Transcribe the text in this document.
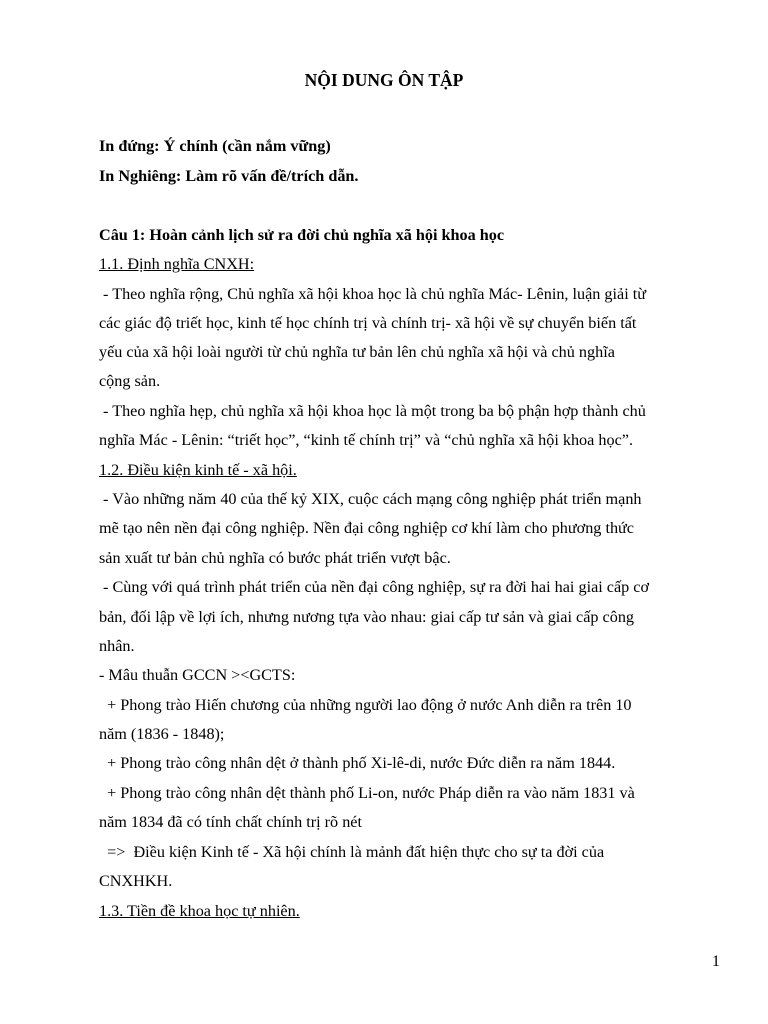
NỘI DUNG ÔN TẬP
In đứng: Ý chính (cần nắm vững)
In Nghiêng: Làm rõ vấn đề/trích dẫn.
Câu 1: Hoàn cảnh lịch sử ra đời chủ nghĩa xã hội khoa học
1.1. Định nghĩa CNXH:
- Theo nghĩa rộng, Chủ nghĩa xã hội khoa học là chủ nghĩa Mác- Lênin, luận giải từ
các giác độ triết học, kinh tế học chính trị và chính trị- xã hội về sự chuyển biến tất
yếu của xã hội loài người từ chủ nghĩa tư bản lên chủ nghĩa xã hội và chủ nghĩa
cộng sản.
- Theo nghĩa hẹp, chủ nghĩa xã hội khoa học là một trong ba bộ phận hợp thành chủ
nghĩa Mác - Lênin: “triết học”, “kinh tế chính trị” và “chủ nghĩa xã hội khoa học”.
1.2. Điều kiện kinh tế - xã hội.
- Vào những năm 40 của thế kỷ XIX, cuộc cách mạng công nghiệp phát triển mạnh
mẽ tạo nên nền đại công nghiệp. Nền đại công nghiệp cơ khí làm cho phương thức
sản xuất tư bản chủ nghĩa có bước phát triển vượt bậc.
- Cùng với quá trình phát triển của nền đại công nghiệp, sự ra đời hai hai giai cấp cơ
bản, đối lập về lợi ích, nhưng nương tựa vào nhau: giai cấp tư sản và giai cấp công
nhân.
- Mâu thuẫn GCCN ><GCTS:
+ Phong trào Hiến chương của những người lao động ở nước Anh diễn ra trên 10
năm (1836 - 1848);
+ Phong trào công nhân dệt ở thành phố Xi-lê-di, nước Đức diễn ra năm 1844.
+ Phong trào công nhân dệt thành phố Li-on, nước Pháp diễn ra vào năm 1831 và
năm 1834 đã có tính chất chính trị rõ nét
=>  Điều kiện Kinh tế - Xã hội chính là mảnh đất hiện thực cho sự ta đời của
CNXHKH.
1.3. Tiền đề khoa học tự nhiên.
1
